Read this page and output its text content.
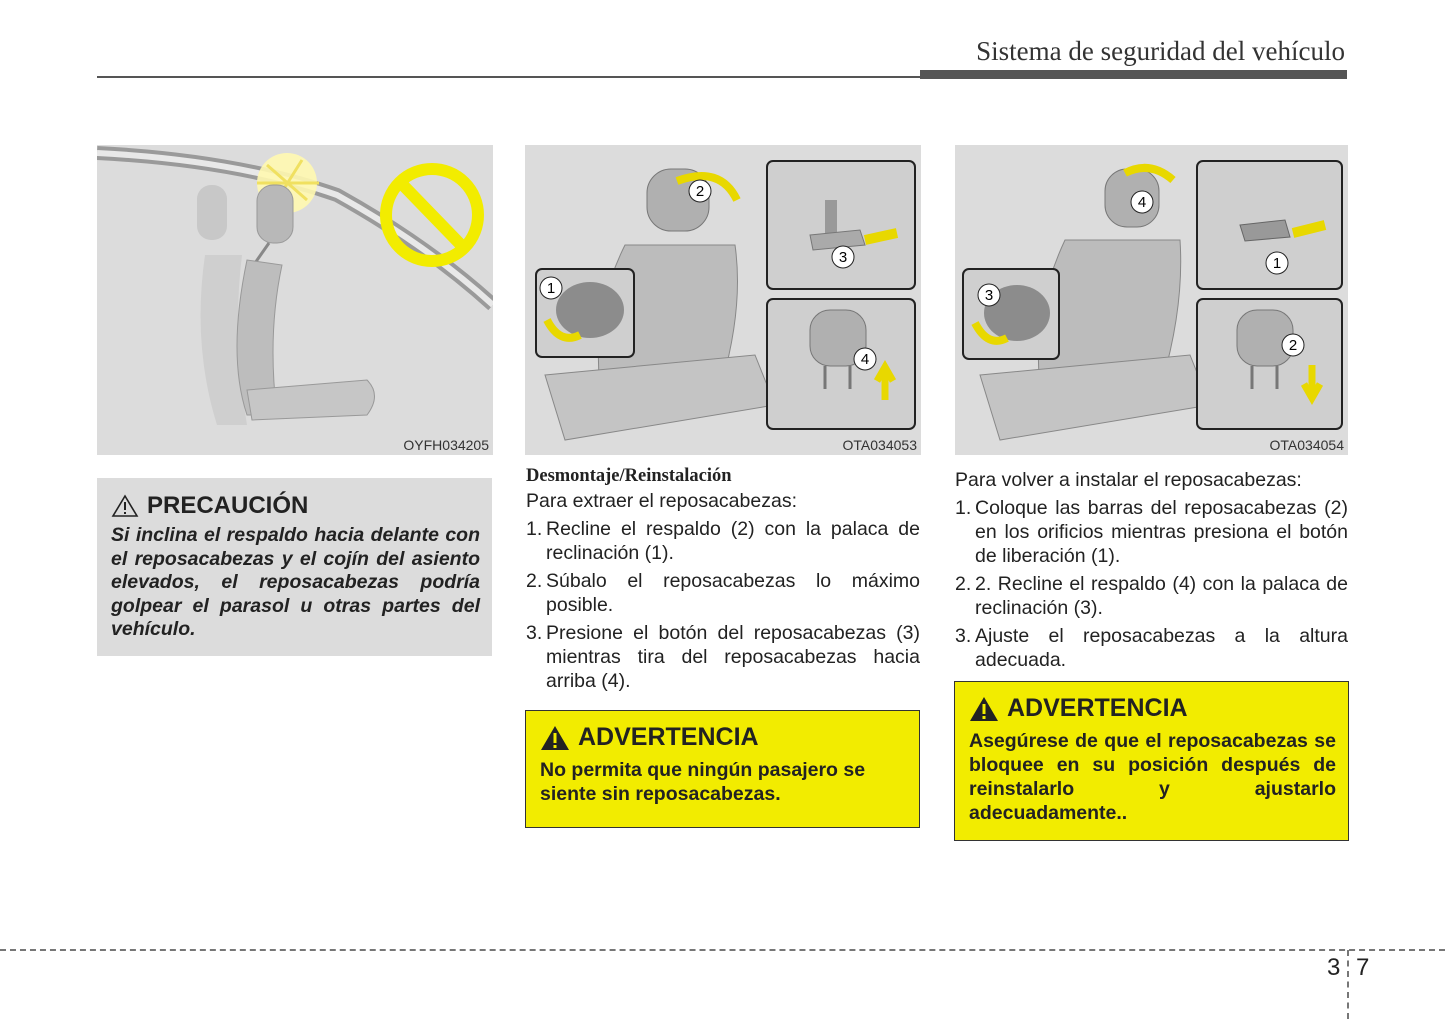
Sistema de seguridad del vehículo
OYFH034205
1
2
3
4
OTA034053
1
2
3
4
OTA034054
PRECAUCIÓN
Si inclina el respaldo hacia delante con el reposacabezas y el cojín del asiento elevados, el reposacabezas podría golpear el parasol u otras partes del vehículo.
Desmontaje/Reinstalación
Para extraer el reposacabezas:
1. Recline el respaldo (2) con la palaca de reclinación (1).
2. Súbalo el reposacabezas lo máximo posible.
3. Presione el botón del reposacabezas (3) mientras tira del reposacabezas hacia arriba (4).
ADVERTENCIA
No permita que ningún pasajero se siente sin reposacabezas.
Para volver a instalar el reposacabezas:
1. Coloque las barras del reposacabezas (2) en los orificios mientras presiona el botón de liberación (1).
2. 2. Recline el respaldo (4) con la palaca de reclinación (3).
3. Ajuste el reposacabezas a la altura adecuada.
ADVERTENCIA
Asegúrese de que el reposacabezas se bloquee en su posición después de reinstalarlo y ajustarlo adecuadamente..
3 7
